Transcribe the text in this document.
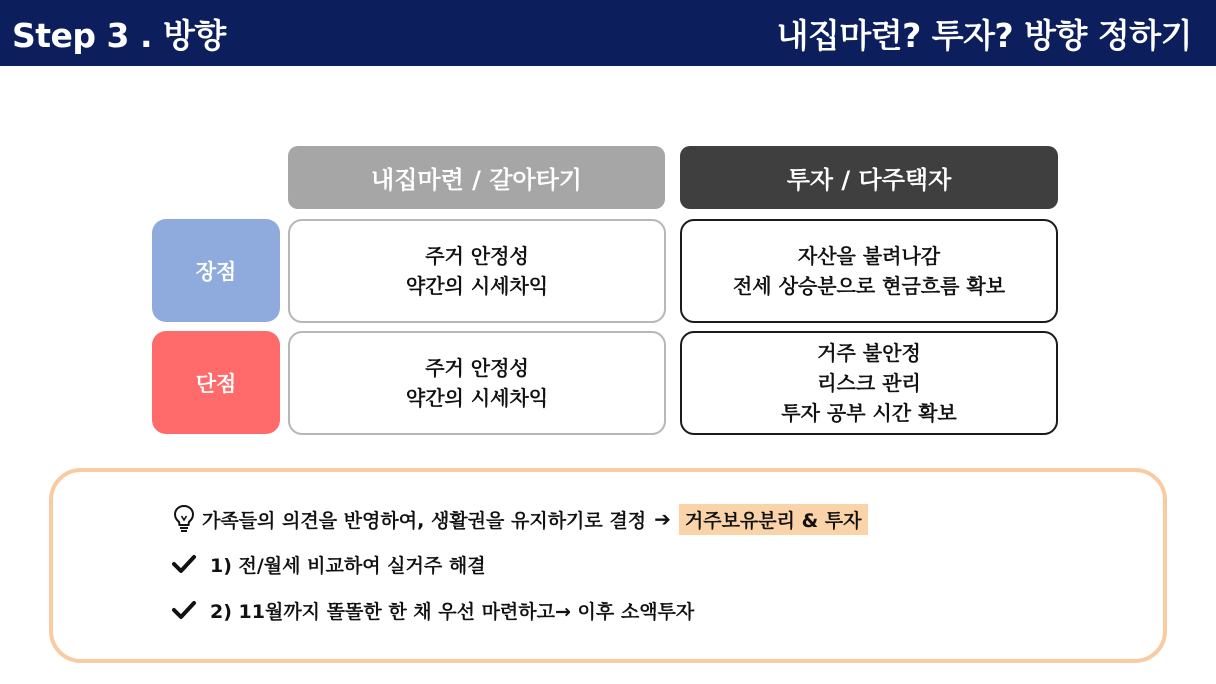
Step 3 . 방향	내집마련? 투자? 방향 정하기
내집마련 / 갈아타기	투자 / 다주택자
장점
단점
주거 안정성
약간의 시세차익
자산을 불려나감
전세 상승분으로 현금흐름 확보
주거 안정성
약간의 시세차익
거주 불안정
리스크 관리
투자 공부 시간 확보
가족들의 의견을 반영하여, 생활권을 유지하기로 결정 ➔ 거주보유분리 & 투자
1) 전/월세 비교하여 실거주 해결
2) 11월까지 똘똘한 한 채 우선 마련하고→ 이후 소액투자
